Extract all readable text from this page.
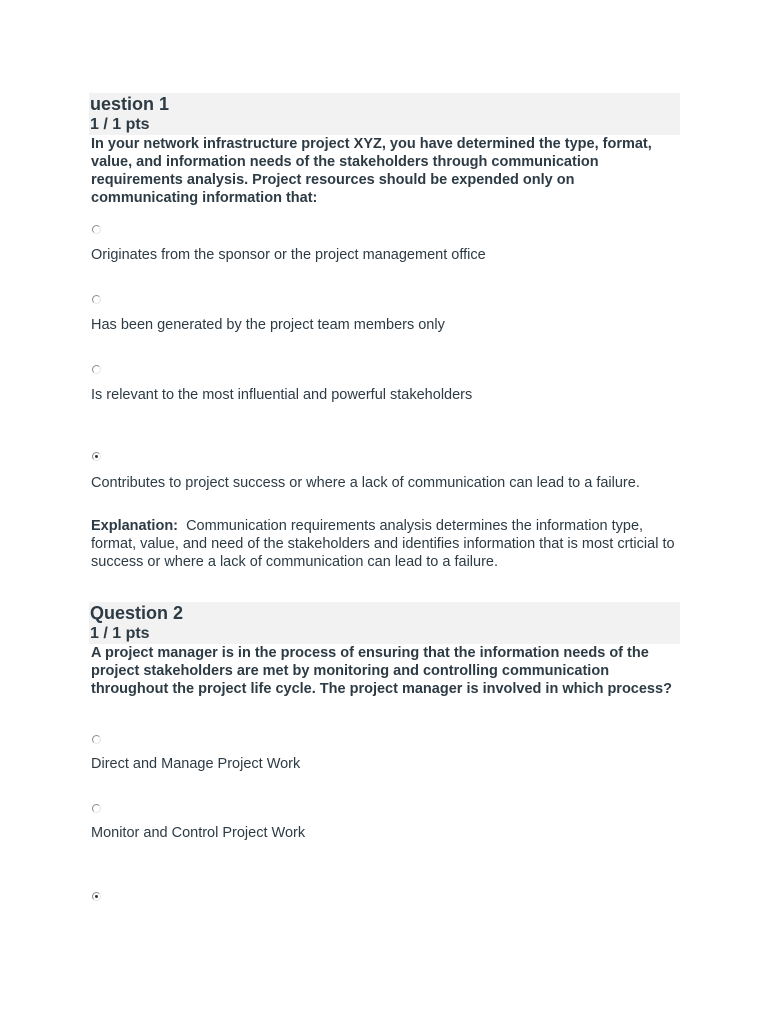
uestion 1
1 / 1 pts
In your network infrastructure project XYZ, you have determined the type, format, value, and information needs of the stakeholders through communication requirements analysis. Project resources should be expended only on communicating information that:
Originates from the sponsor or the project management office
Has been generated by the project team members only
Is relevant to the most influential and powerful stakeholders
Contributes to project success or where a lack of communication can lead to a failure.
Explanation: Communication requirements analysis determines the information type, format, value, and need of the stakeholders and identifies information that is most crticial to success or where a lack of communication can lead to a failure.
Question 2
1 / 1 pts
A project manager is in the process of ensuring that the information needs of the project stakeholders are met by monitoring and controlling communication throughout the project life cycle. The project manager is involved in which process?
Direct and Manage Project Work
Monitor and Control Project Work
